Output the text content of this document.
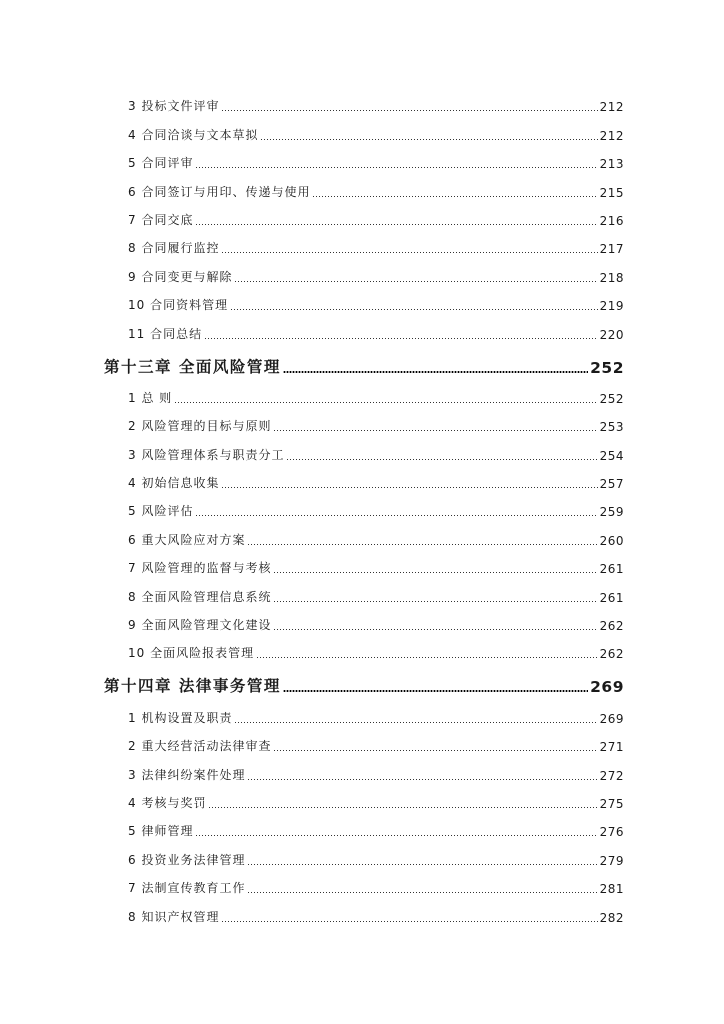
3 投标文件评审	212
4 合同洽谈与文本草拟	212
5 合同评审	213
6 合同签订与用印、传递与使用	215
7 合同交底	216
8 合同履行监控	217
9 合同变更与解除	218
10 合同资料管理	219
11 合同总结	220
第十三章 全面风险管理	252
1 总 则	252
2 风险管理的目标与原则	253
3 风险管理体系与职责分工	254
4 初始信息收集	257
5 风险评估	259
6 重大风险应对方案	260
7 风险管理的监督与考核	261
8 全面风险管理信息系统	261
9 全面风险管理文化建设	262
10 全面风险报表管理	262
第十四章 法律事务管理	269
1 机构设置及职责	269
2 重大经营活动法律审查	271
3 法律纠纷案件处理	272
4 考核与奖罚	275
5 律师管理	276
6 投资业务法律管理	279
7 法制宣传教育工作	281
8 知识产权管理	282
